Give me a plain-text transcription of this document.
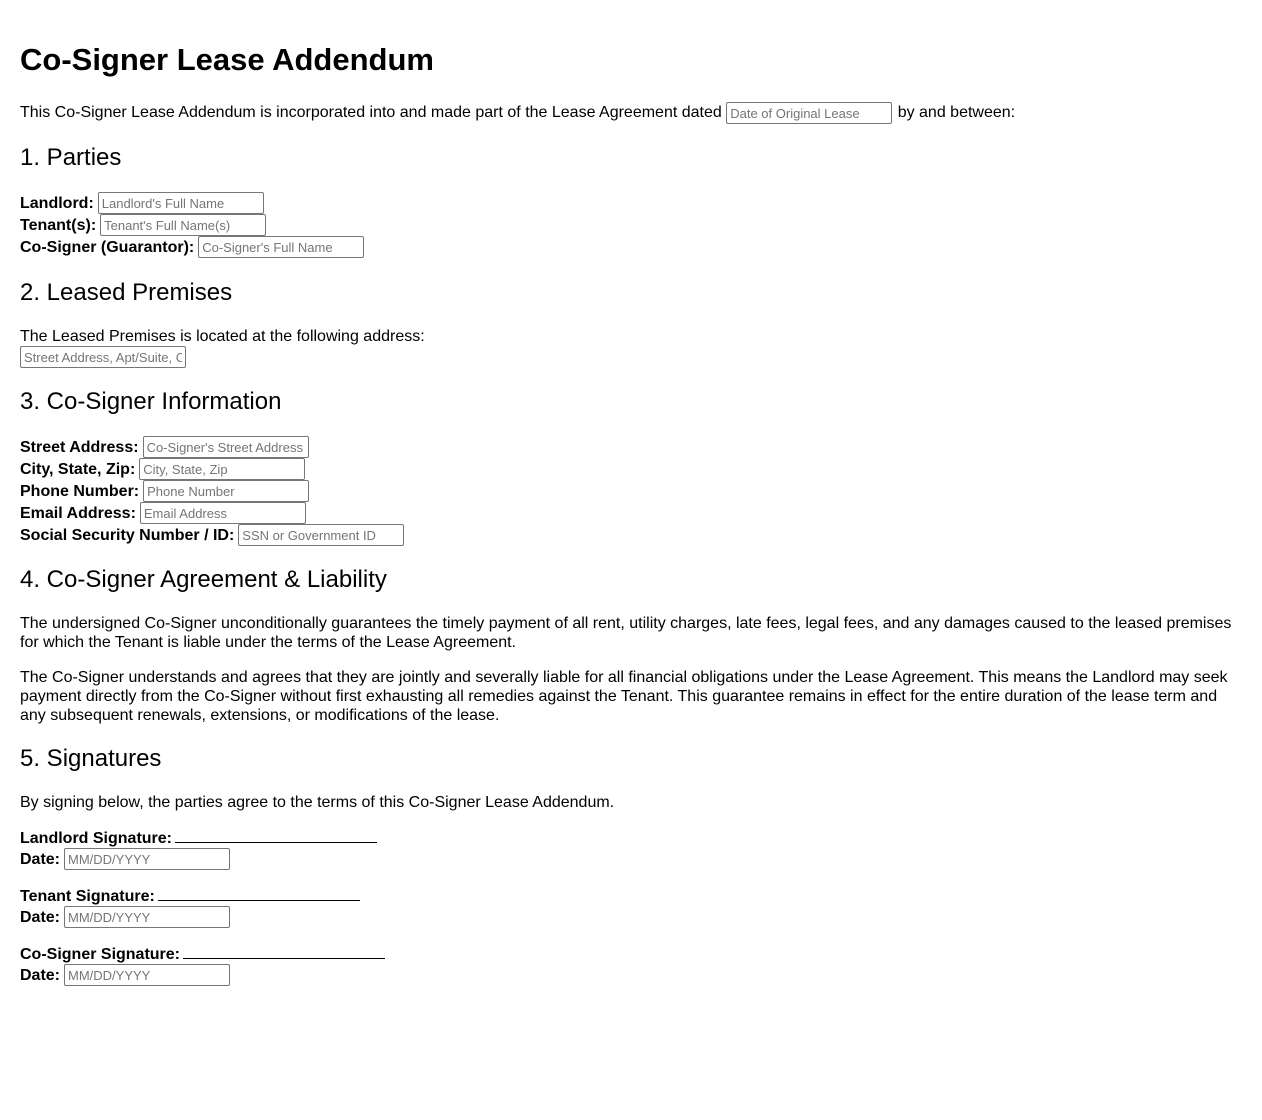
Co-Signer Lease Addendum

This Co-Signer Lease Addendum is incorporated into and made part of the Lease Agreement dated Date of Original Lease	by and between:

1. Parties
Landlord:
Landlord's Full Name
Tenant(s):
Tenant's Full Name(s)
Co-Signer (Guarantor):
Co-Signer's Full Name
2. Leased Premises
The Leased Premises is located at the following address:
Street Address, Apt/Suite, City, State, Zip
3. Co-Signer Information
Street Address:
Co-Signer's Street Address
City, State, Zip:
City, State, Zip
Phone Number:
Phone Number
Email Address:
Email Address
Social Security Number / ID:
SSN or Government ID
4. Co-Signer Agreement & Liability

The undersigned Co-Signer unconditionally guarantees the timely payment of all rent, utility charges, late fees, legal fees, and any damages caused to the leased premises for which the Tenant is liable under the terms of the Lease Agreement.

The Co-Signer understands and agrees that they are jointly and severally liable for all financial obligations under the Lease Agreement. This means the Landlord may seek payment directly from the Co-Signer without first exhausting all remedies against the Tenant. This guarantee remains in effect for the entire duration of the lease term and any subsequent renewals, extensions, or modifications of the lease.

5. Signatures
By signing below, the parties agree to the terms of this Co-Signer Lease Addendum.
Landlord Signature:
Date:
MM/DD/YYYY
Tenant Signature:
Date:
MM/DD/YYYY
Co-Signer Signature:
Date:
MM/DD/YYYY
